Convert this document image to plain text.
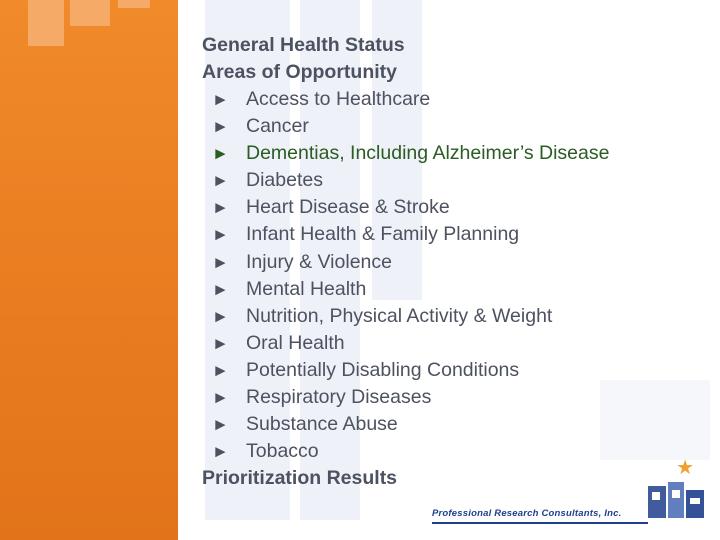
General Health Status
Areas of Opportunity
► Access to Healthcare
► Cancer
► Dementias, Including Alzheimer’s Disease
► Diabetes
► Heart Disease & Stroke
► Infant Health & Family Planning
► Injury & Violence
► Mental Health
► Nutrition, Physical Activity & Weight
► Oral Health
► Potentially Disabling Conditions
► Respiratory Diseases
► Substance Abuse
► Tobacco
Prioritization Results	★
Professional Research Consultants, Inc.
